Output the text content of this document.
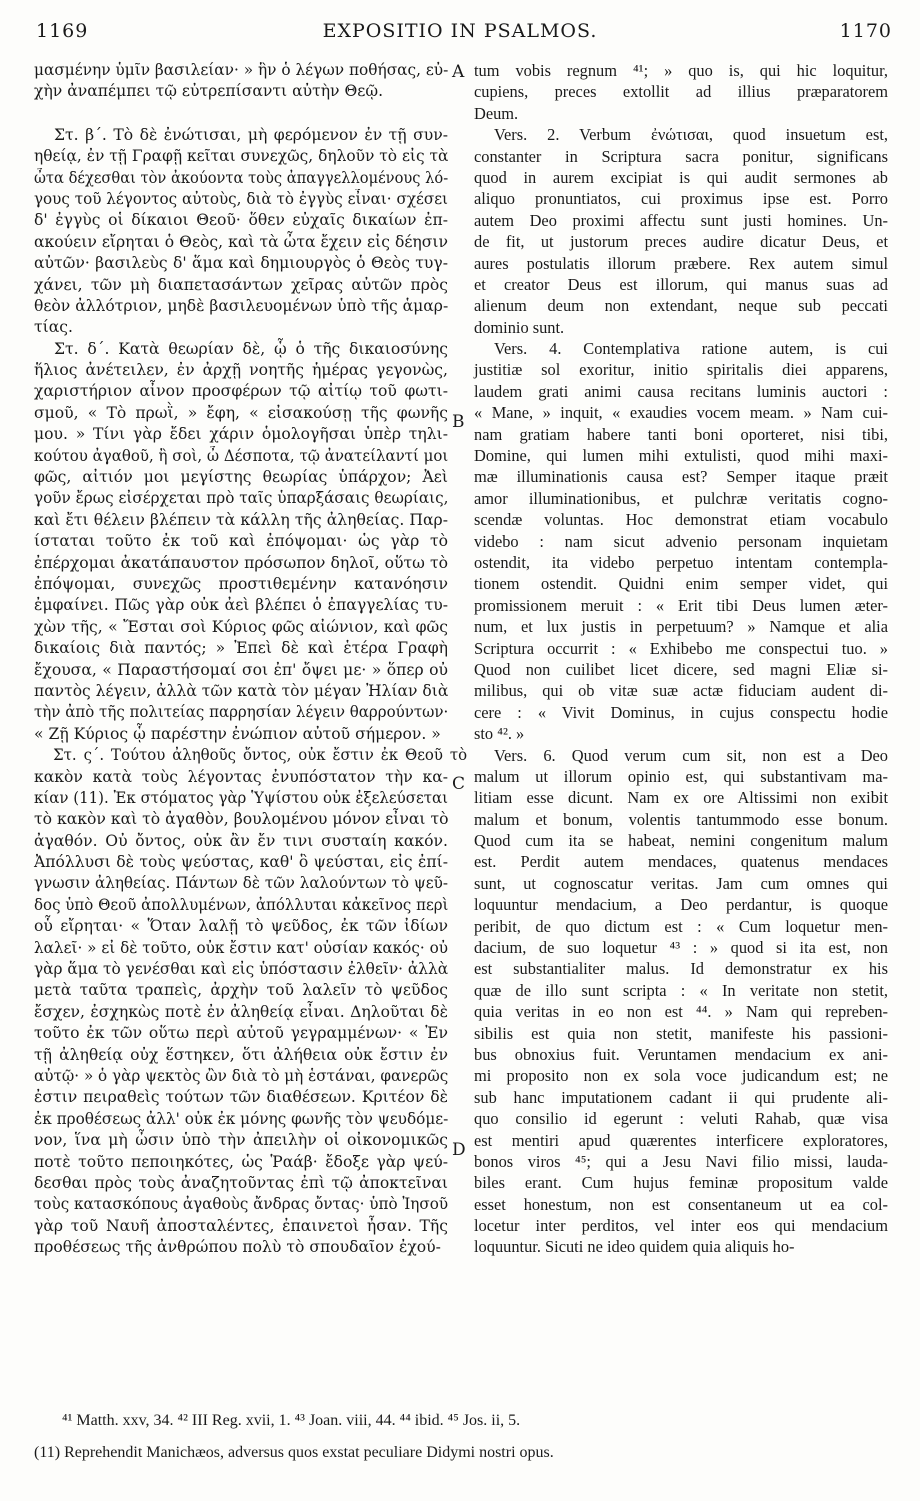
1169	EXPOSITIO IN PSALMOS.	1170
μασμένην ὑμῖν βασιλείαν· » ἣν ὁ λέγων ποθήσας, εὐ-
χὴν ἀναπέμπει τῷ εὐτρεπίσαντι αὐτὴν Θεῷ.
Στ. β΄. Τὸ δὲ ἐνώτισαι, μὴ φερόμενον ἐν τῇ συν-
ηθείᾳ, ἐν τῇ Γραφῇ κεῖται συνεχῶς, δηλοῦν τὸ εἰς τὰ
ὦτα δέχεσθαι τὸν ἀκούοντα τοὺς ἀπαγγελλομένους λό-
γους τοῦ λέγοντος αὐτοὺς, διὰ τὸ ἐγγὺς εἶναι· σχέσει
δ' ἐγγὺς οἱ δίκαιοι Θεοῦ· ὅθεν εὐχαῖς δικαίων ἐπ-
ακούειν εἴρηται ὁ Θεὸς, καὶ τὰ ὦτα ἔχειν εἰς δέησιν
αὐτῶν· βασιλεὺς δ' ἅμα καὶ δημιουργὸς ὁ Θεὸς τυγ-
χάνει, τῶν μὴ διαπετασάντων χεῖρας αὐτῶν πρὸς
θεὸν ἀλλότριον, μηδὲ βασιλευομένων ὑπὸ τῆς ἁμαρ-
τίας.
Στ. δ΄. Κατὰ θεωρίαν δὲ, ᾧ ὁ τῆς δικαιοσύνης
ἥλιος ἀνέτειλεν, ἐν ἀρχῇ νοητῆς ἡμέρας γεγονὼς,
χαριστήριον αἶνον προσφέρων τῷ αἰτίῳ τοῦ φωτι-
σμοῦ, « Τὸ πρωῒ, » ἔφη, « εἰσακούσῃ τῆς φωνῆς
μου. » Τίνι γὰρ ἔδει χάριν ὁμολογῆσαι ὑπὲρ τηλι-
κούτου ἀγαθοῦ, ἢ σοὶ, ὦ Δέσποτα, τῷ ἀνατείλαντί μοι
φῶς, αἰτιόν μοι μεγίστης θεωρίας ὑπάρχον; Ἀεὶ
γοῦν ἔρως εἰσέρχεται πρὸ ταῖς ὑπαρξάσαις θεωρίαις,
καὶ ἔτι θέλειν βλέπειν τὰ κάλλη τῆς ἀληθείας. Παρ-
ίσταται τοῦτο ἐκ τοῦ καὶ ἐπόψομαι· ὡς γὰρ τὸ
ἐπέρχομαι ἀκατάπαυστον πρόσωπον δηλοῖ, οὕτω τὸ
ἐπόψομαι, συνεχῶς προστιθεμένην κατανόησιν
ἐμφαίνει. Πῶς γὰρ οὐκ ἀεὶ βλέπει ὁ ἐπαγγελίας τυ-
χὼν τῆς, « Ἔσται σοὶ Κύριος φῶς αἰώνιον, καὶ φῶς
δικαίοις διὰ παντός; » Ἐπεὶ δὲ καὶ ἑτέρα Γραφὴ
ἔχουσα, « Παραστήσομαί σοι ἐπ' ὄψει με· » ὅπερ οὐ
παντὸς λέγειν, ἀλλὰ τῶν κατὰ τὸν μέγαν Ἠλίαν διὰ
τὴν ἀπὸ τῆς πολιτείας παρρησίαν λέγειν θαρρούντων·
« Ζῇ Κύριος ᾧ παρέστην ἐνώπιον αὐτοῦ σήμερον. »
Στ. ς΄. Τούτου ἀληθοῦς ὄντος, οὐκ ἔστιν ἐκ Θεοῦ τὸ
κακὸν κατὰ τοὺς λέγοντας ἐνυπόστατον τὴν κα-
κίαν (11). Ἐκ στόματος γὰρ Ὑψίστου οὐκ ἐξελεύσεται
τὸ κακὸν καὶ τὸ ἀγαθὸν, βουλομένου μόνον εἶναι τὸ
ἀγαθόν. Οὐ ὄντος, οὐκ ἂν ἔν τινι συσταίη κακόν.
Ἀπόλλυσι δὲ τοὺς ψεύστας, καθ' ὃ ψεύσται, εἰς ἐπί-
γνωσιν ἀληθείας. Πάντων δὲ τῶν λαλούντων τὸ ψεῦ-
δος ὑπὸ Θεοῦ ἀπολλυμένων, ἀπόλλυται κἀκεῖνος περὶ
οὗ εἴρηται· « Ὅταν λαλῇ τὸ ψεῦδος, ἐκ τῶν ἰδίων
λαλεῖ· » εἰ δὲ τοῦτο, οὐκ ἔστιν κατ' οὐσίαν κακός· οὐ
γὰρ ἅμα τὸ γενέσθαι καὶ εἰς ὑπόστασιν ἐλθεῖν· ἀλλὰ
μετὰ ταῦτα τραπεὶς, ἀρχὴν τοῦ λαλεῖν τὸ ψεῦδος
ἔσχεν, ἐσχηκὼς ποτὲ ἐν ἀληθείᾳ εἶναι. Δηλοῦται δὲ
τοῦτο ἐκ τῶν οὕτω περὶ αὐτοῦ γεγραμμένων· « Ἐν
τῇ ἀληθείᾳ οὐχ ἕστηκεν, ὅτι ἀλήθεια οὐκ ἔστιν ἐν
αὐτῷ· » ὁ γὰρ ψεκτὸς ὢν διὰ τὸ μὴ ἑστάναι, φανερῶς
ἐστιν πειραθεὶς τούτων τῶν διαθέσεων. Κριτέον δὲ
ἐκ προθέσεως ἀλλ' οὐκ ἐκ μόνης φωνῆς τὸν ψευδόμε-
νον, ἵνα μὴ ὦσιν ὑπὸ τὴν ἀπειλὴν οἱ οἰκονομικῶς
ποτὲ τοῦτο πεποιηκότες, ὡς Ῥαάβ· ἔδοξε γὰρ ψεύ-
δεσθαι πρὸς τοὺς ἀναζητοῦντας ἐπὶ τῷ ἀποκτεῖναι
τοὺς κατασκόπους ἀγαθοὺς ἄνδρας ὄντας· ὑπὸ Ἰησοῦ
γὰρ τοῦ Ναυῆ ἀποσταλέντες, ἐπαινετοὶ ἦσαν. Τῆς
προθέσεως τῆς ἀνθρώπου πολὺ τὸ σπουδαῖον ἐχού-
tum vobis regnum ⁴¹; » quo is, qui hic loquitur,
cupiens, preces extollit ad illius præparatorem
Deum.
Vers. 2. Verbum ἐνώτισαι, quod insuetum est,
constanter in Scriptura sacra ponitur, significans
quod in aurem excipiat is qui audit sermones ab
aliquo pronuntiatos, cui proximus ipse est. Porro
autem Deo proximi affectu sunt justi homines. Un-
de fit, ut justorum preces audire dicatur Deus, et
aures postulatis illorum præbere. Rex autem simul
et creator Deus est illorum, qui manus suas ad
alienum deum non extendant, neque sub peccati
dominio sunt.
Vers. 4. Contemplativa ratione autem, is cui
justitiæ sol exoritur, initio spiritalis diei apparens,
laudem grati animi causa recitans luminis auctori :
« Mane, » inquit, « exaudies vocem meam. » Nam cui-
nam gratiam habere tanti boni oporteret, nisi tibi,
Domine, qui lumen mihi extulisti, quod mihi maxi-
mæ illuminationis causa est? Semper itaque præit
amor illuminationibus, et pulchræ veritatis cogno-
scendæ voluntas. Hoc demonstrat etiam vocabulo
videbo : nam sicut advenio personam inquietam
ostendit, ita videbo perpetuo intentam contempla-
tionem ostendit. Quidni enim semper videt, qui
promissionem meruit : « Erit tibi Deus lumen æter-
num, et lux justis in perpetuum? » Namque et alia
Scriptura occurrit : « Exhibebo me conspectui tuo. »
Quod non cuilibet licet dicere, sed magni Eliæ si-
milibus, qui ob vitæ suæ actæ fiduciam audent di-
cere : « Vivit Dominus, in cujus conspectu hodie
sto ⁴². »
Vers. 6. Quod verum cum sit, non est a Deo
malum ut illorum opinio est, qui substantivam ma-
litiam esse dicunt. Nam ex ore Altissimi non exibit
malum et bonum, volentis tantummodo esse bonum.
Quod cum ita se habeat, nemini congenitum malum
est. Perdit autem mendaces, quatenus mendaces
sunt, ut cognoscatur veritas. Jam cum omnes qui
loquuntur mendacium, a Deo perdantur, is quoque
peribit, de quo dictum est : « Cum loquetur men-
dacium, de suo loquetur ⁴³ : » quod si ita est, non
est substantialiter malus. Id demonstratur ex his
quæ de illo sunt scripta : « In veritate non stetit,
quia veritas in eo non est ⁴⁴. » Nam qui repreben-
sibilis est quia non stetit, manifeste his passioni-
bus obnoxius fuit. Veruntamen mendacium ex ani-
mi proposito non ex sola voce judicandum est; ne
sub hanc imputationem cadant ii qui prudente ali-
quo consilio id egerunt : veluti Rahab, quæ visa
est mentiri apud quærentes interficere exploratores,
bonos viros ⁴⁵; qui a Jesu Navi filio missi, lauda-
biles erant. Cum hujus feminæ propositum valde
esset honestum, non est consentaneum ut ea col-
locetur inter perditos, vel inter eos qui mendacium
loquuntur. Sicuti ne ideo quidem quia aliquis ho-
A
B
C
D
⁴¹ Matth. xxv, 34. ⁴² III Reg. xvii, 1. ⁴³ Joan. viii, 44. ⁴⁴ ibid. ⁴⁵ Jos. ii, 5.
(11) Reprehendit Manichæos, adversus quos exstat peculiare Didymi nostri opus.
